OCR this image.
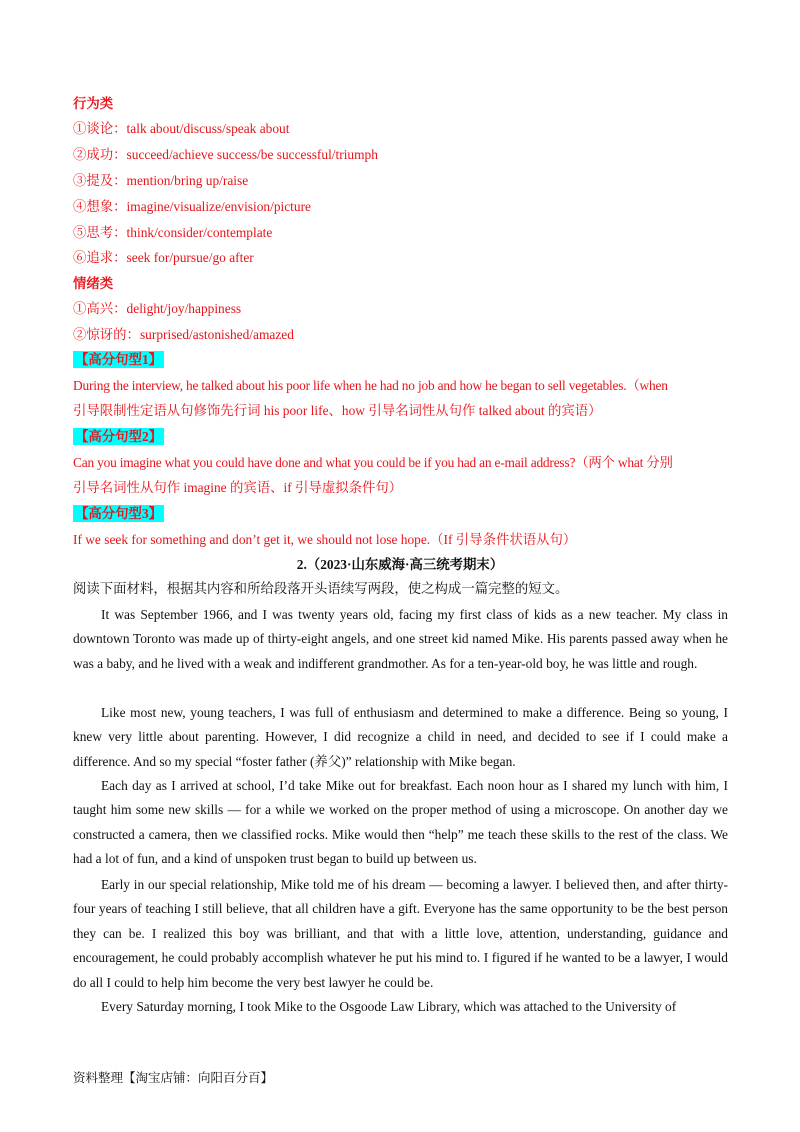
行为类
①谈论：talk about/discuss/speak about
②成功：succeed/achieve success/be successful/triumph
③提及：mention/bring up/raise
④想象：imagine/visualize/envision/picture
⑤思考：think/consider/contemplate
⑥追求：seek for/pursue/go after
情绪类
①高兴：delight/joy/happiness
②惊讶的：surprised/astonished/amazed
【高分句型1】
During the interview, he talked about his poor life when he had no job and how he began to sell vegetables.（when
引导限制性定语从句修饰先行词 his poor life、how 引导名词性从句作 talked about 的宾语）
【高分句型2】
Can you imagine what you could have done and what you could be if you had an e-mail address?（两个 what 分别
引导名词性从句作 imagine 的宾语、if 引导虚拟条件句）
【高分句型3】
If we seek for something and don’t get it, we should not lose hope.（If 引导条件状语从句）
2.（2023·山东威海·高三统考期末）
阅读下面材料，根据其内容和所给段落开头语续写两段，使之构成一篇完整的短文。
It was September 1966, and I was twenty years old, facing my first class of kids as a new teacher. My class in downtown Toronto was made up of thirty-eight angels, and one street kid named Mike. His parents passed away when he was a baby, and he lived with a weak and indifferent grandmother. As for a ten-year-old boy, he was little and rough.
Like most new, young teachers, I was full of enthusiasm and determined to make a difference. Being so young, I knew very little about parenting. However, I did recognize a child in need, and decided to see if I could make a difference. And so my special “foster father (养父)” relationship with Mike began.
Each day as I arrived at school, I’d take Mike out for breakfast. Each noon hour as I shared my lunch with him, I taught him some new skills — for a while we worked on the proper method of using a microscope. On another day we constructed a camera, then we classified rocks. Mike would then “help” me teach these skills to the rest of the class. We had a lot of fun, and a kind of unspoken trust began to build up between us.
Early in our special relationship, Mike told me of his dream — becoming a lawyer. I believed then, and after thirty-four years of teaching I still believe, that all children have a gift. Everyone has the same opportunity to be the best person they can be. I realized this boy was brilliant, and that with a little love, attention, understanding, guidance and encouragement, he could probably accomplish whatever he put his mind to. I figured if he wanted to be a lawyer, I would do all I could to help him become the very best lawyer he could be.
Every Saturday morning, I took Mike to the Osgoode Law Library, which was attached to the University of
资料整理【淘宝店铺：向阳百分百】
